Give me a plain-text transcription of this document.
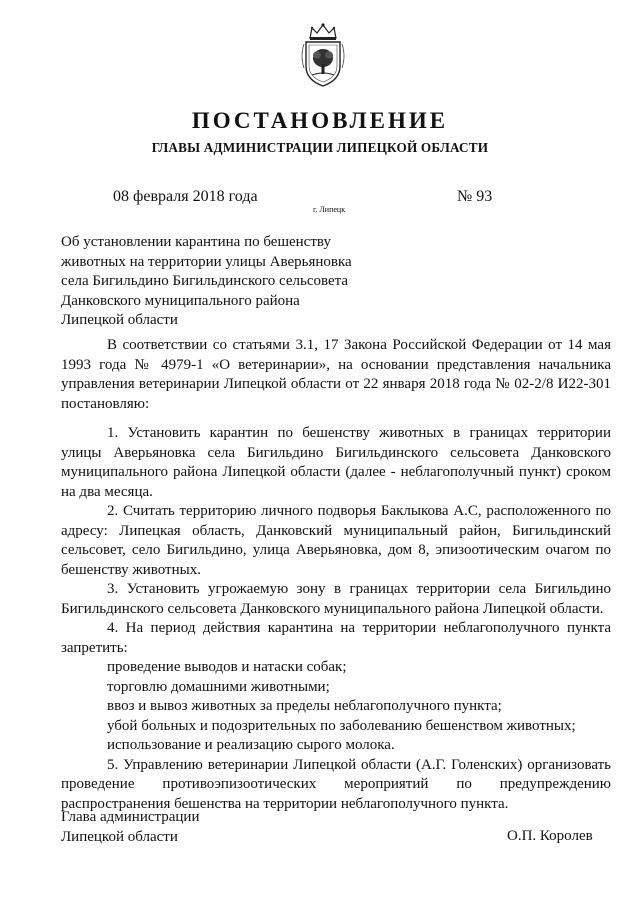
ПОСТАНОВЛЕНИЕ
ГЛАВЫ АДМИНИСТРАЦИИ ЛИПЕЦКОЙ ОБЛАСТИ
08 февраля 2018 года
г. Липецк
№ 93
Об установлении карантина по бешенству
животных на территории улицы Аверьяновка
села Бигильдино Бигильдинского сельсовета
Данковского муниципального района
Липецкой области

В соответствии со статьями 3.1, 17 Закона Российской Федерации от 14 мая 1993 года № 4979-1 «О ветеринарии», на основании представления начальника управления ветеринарии Липецкой области от 22 января 2018 года № 02-2/8 И22-301 постановляю:

1. Установить карантин по бешенству животных в границах территории улицы Аверьяновка села Бигильдино Бигильдинского сельсовета Данковского муниципального района Липецкой области (далее - неблагополучный пункт) сроком на два месяца.

2. Считать территорию личного подворья Баклыкова А.С, расположенного по адресу: Липецкая область, Данковский муниципальный район, Бигильдинский сельсовет, село Бигильдино, улица Аверьяновка, дом 8, эпизоотическим очагом по бешенству животных.

3. Установить угрожаемую зону в границах территории села Бигильдино Бигильдинского сельсовета Данковского муниципального района Липецкой области.

4. На период действия карантина на территории неблагополучного пункта запретить:

проведение выводов и натаски собак;

торговлю домашними животными;

ввоз и вывоз животных за пределы неблагополучного пункта;

убой больных и подозрительных по заболеванию бешенством животных;

использование и реализацию сырого молока.

5. Управлению ветеринарии Липецкой области (А.Г. Голенских) организовать проведение противоэпизоотических мероприятий по предупреждению распространения бешенства на территории неблагополучного пункта.

Глава администрации
Липецкой области	О.П. Королев
